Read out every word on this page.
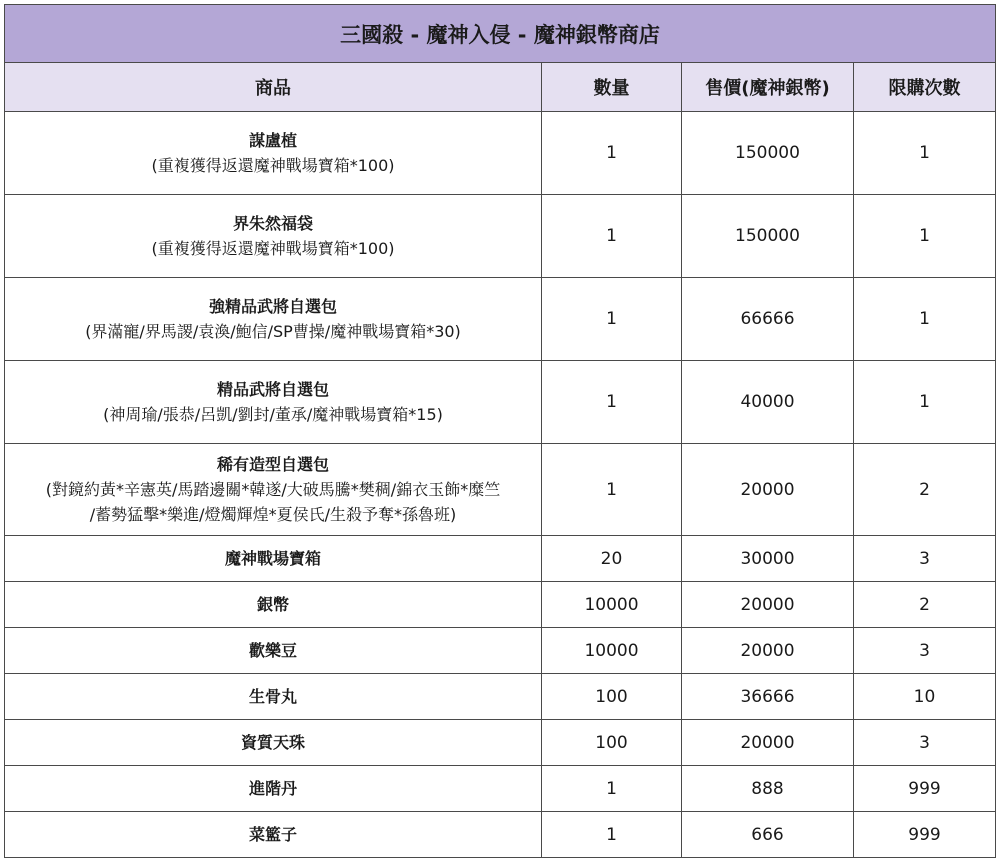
三國殺 - 魔神入侵 - 魔神銀幣商店			
商品	數量	售價(魔神銀幣)	限購次數

謀盧植
(重複獲得返還魔神戰場寶箱*100)	1	150000	1

界朱然福袋
(重複獲得返還魔神戰場寶箱*100)	1	150000	1

強精品武將自選包
(界滿寵/界馬謖/袁渙/鮑信/SP曹操/魔神戰場寶箱*30)	1	66666	1

精品武將自選包
(神周瑜/張恭/呂凱/劉封/董承/魔神戰場寶箱*15)	1	40000	1

稀有造型自選包
(對鏡約黃*辛憲英/馬踏邊關*韓遂/大破馬騰*樊稠/錦衣玉飾*糜竺
/蓄勢猛擊*樂進/燈燭輝煌*夏侯氏/生殺予奪*孫魯班)	1	20000	2

魔神戰場寶箱	20	30000	3

銀幣	10000	20000	2

歡樂豆	10000	20000	3

生骨丸	100	36666	10

資質天珠	100	20000	3

進階丹	1	888	999

菜籃子	1	666	999
